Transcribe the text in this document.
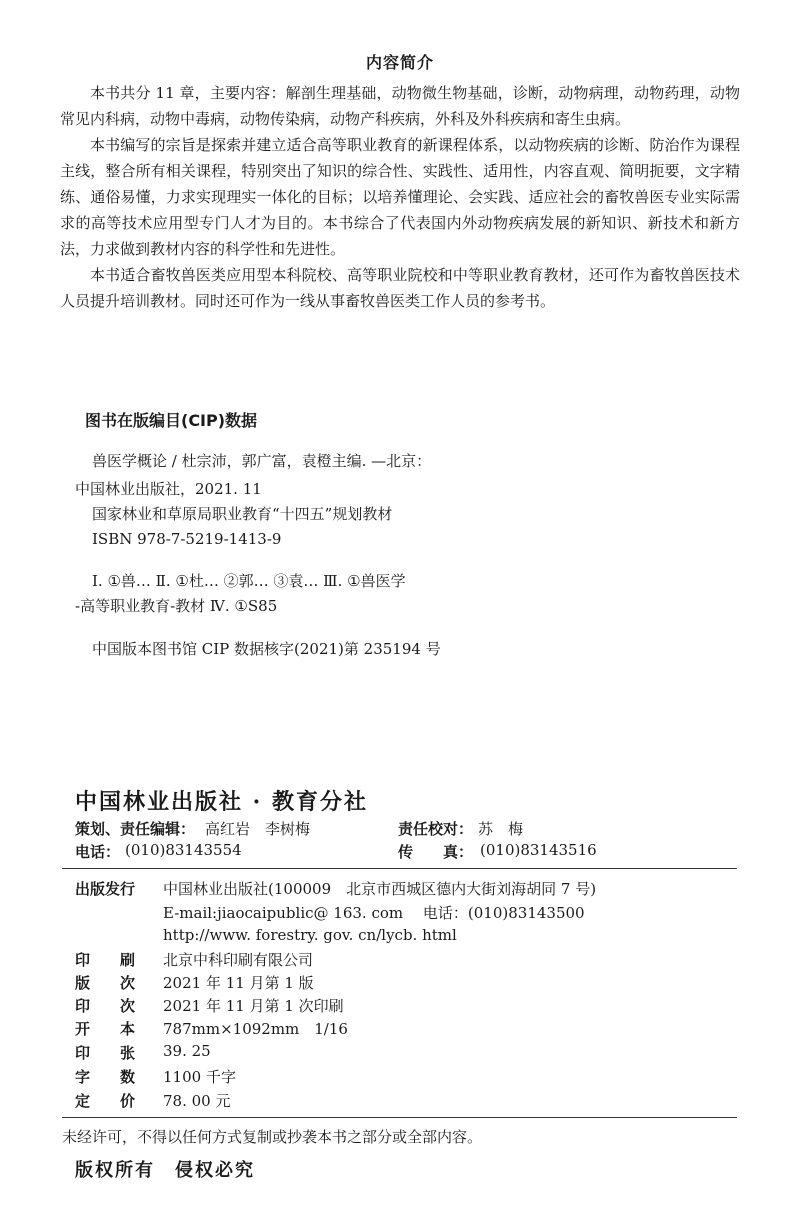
内容简介

本书共分 11 章，主要内容：解剖生理基础，动物微生物基础，诊断，动物病理，动物药理，动物常见内科病，动物中毒病，动物传染病，动物产科疾病，外科及外科疾病和寄生虫病。

本书编写的宗旨是探索并建立适合高等职业教育的新课程体系，以动物疾病的诊断、防治作为课程主线，整合所有相关课程，特别突出了知识的综合性、实践性、适用性，内容直观、简明扼要，文字精练、通俗易懂，力求实现理实一体化的目标；以培养懂理论、会实践、适应社会的畜牧兽医专业实际需求的高等技术应用型专门人才为目的。本书综合了代表国内外动物疾病发展的新知识、新技术和新方法，力求做到教材内容的科学性和先进性。

本书适合畜牧兽医类应用型本科院校、高等职业院校和中等职业教育教材，还可作为畜牧兽医技术人员提升培训教材。同时还可作为一线从事畜牧兽医类工作人员的参考书。

图书在版编目(CIP)数据
兽医学概论 / 杜宗沛，郭广富，袁橙主编. —北京：
中国林业出版社，2021. 11
国家林业和草原局职业教育“十四五”规划教材
ISBN 978-7-5219-1413-9
Ⅰ. ①兽… Ⅱ. ①杜… ②郭… ③袁… Ⅲ. ①兽医学
-高等职业教育-教材 Ⅳ. ①S85
中国版本图书馆 CIP 数据核字(2021)第 235194 号
中国林业出版社 · 教育分社
策划、责任编辑： 高红岩　李树梅	责任校对： 苏　梅
电话： (010)83143554	传　　真： (010)83143516
出版发行 中国林业出版社(100009　北京市西城区德内大街刘海胡同 7 号)
E-mail:jiaocaipublic@ 163. com　 电话：(010)83143500
http://www. forestry. gov. cn/lycb. html
印　　刷 北京中科印刷有限公司
版　　次 2021 年 11 月第 1 版
印　　次 2021 年 11 月第 1 次印刷
开　　本 787mm×1092mm　1/16
印　　张 39. 25
字　　数 1100 千字
定　　价 78. 00 元
未经许可，不得以任何方式复制或抄袭本书之部分或全部内容。
版权所有　侵权必究
